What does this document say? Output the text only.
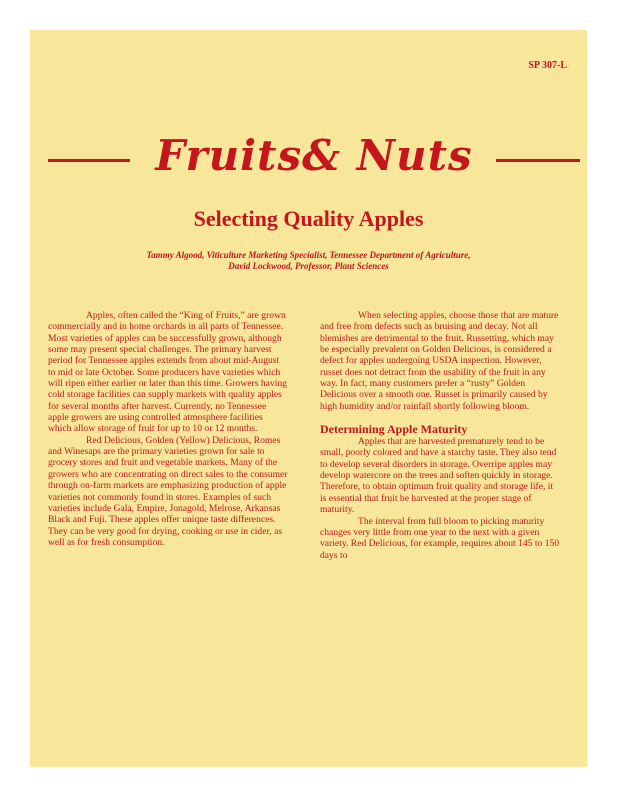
SP 307-L
Fruits& Nuts
Selecting Quality Apples
Tammy Algood, Viticulture Marketing Specialist, Tennessee Department of Agriculture,
David Lockwood, Professor, Plant Sciences

Apples, often called the “King of Fruits,” are grown commercially and in home orchards in all parts of Tennessee. Most varieties of apples can be successfully grown, although some may present special challenges. The primary harvest period for Tennessee apples extends from about mid-August to mid or late October. Some producers have varieties which will ripen either earlier or later than this time. Growers having cold storage facilities can supply markets with quality apples for several months after harvest. Currently, no Tennessee apple growers are using controlled atmosphere facilities which allow storage of fruit for up to 10 or 12 months.

Red Delicious, Golden (Yellow) Delicious, Romes and Winesaps are the primary varieties grown for sale to grocery stores and fruit and vegetable markets. Many of the growers who are concentrating on direct sales to the consumer through on-farm markets are emphasizing production of apple varieties not commonly found in stores. Examples of such varieties include Gala, Empire, Jonagold, Melrose, Arkansas Black and Fuji. These apples offer unique taste differences. They can be very good for drying, cooking or use in cider, as well as for fresh consumption.

When selecting apples, choose those that are mature and free from defects such as bruising and decay. Not all blemishes are detrimental to the fruit. Russetting, which may be especially prevalent on Golden Delicious, is considered a defect for apples undergoing USDA inspection. However, russet does not detract from the usability of the fruit in any way. In fact, many customers prefer a “rusty” Golden Delicious over a smooth one. Russet is primarily caused by high humidity and/or rainfall shortly following bloom.

Determining Apple Maturity

Apples that are harvested prematurely tend to be small, poorly colored and have a starchy taste. They also tend to develop several disorders in storage. Overripe apples may develop watercore on the trees and soften quickly in storage. Therefore, to obtain optimum fruit quality and storage life, it is essential that fruit be harvested at the proper stage of maturity.

The interval from full bloom to picking maturity changes very little from one year to the next with a given variety. Red Delicious, for example, requires about 145 to 150 days to
